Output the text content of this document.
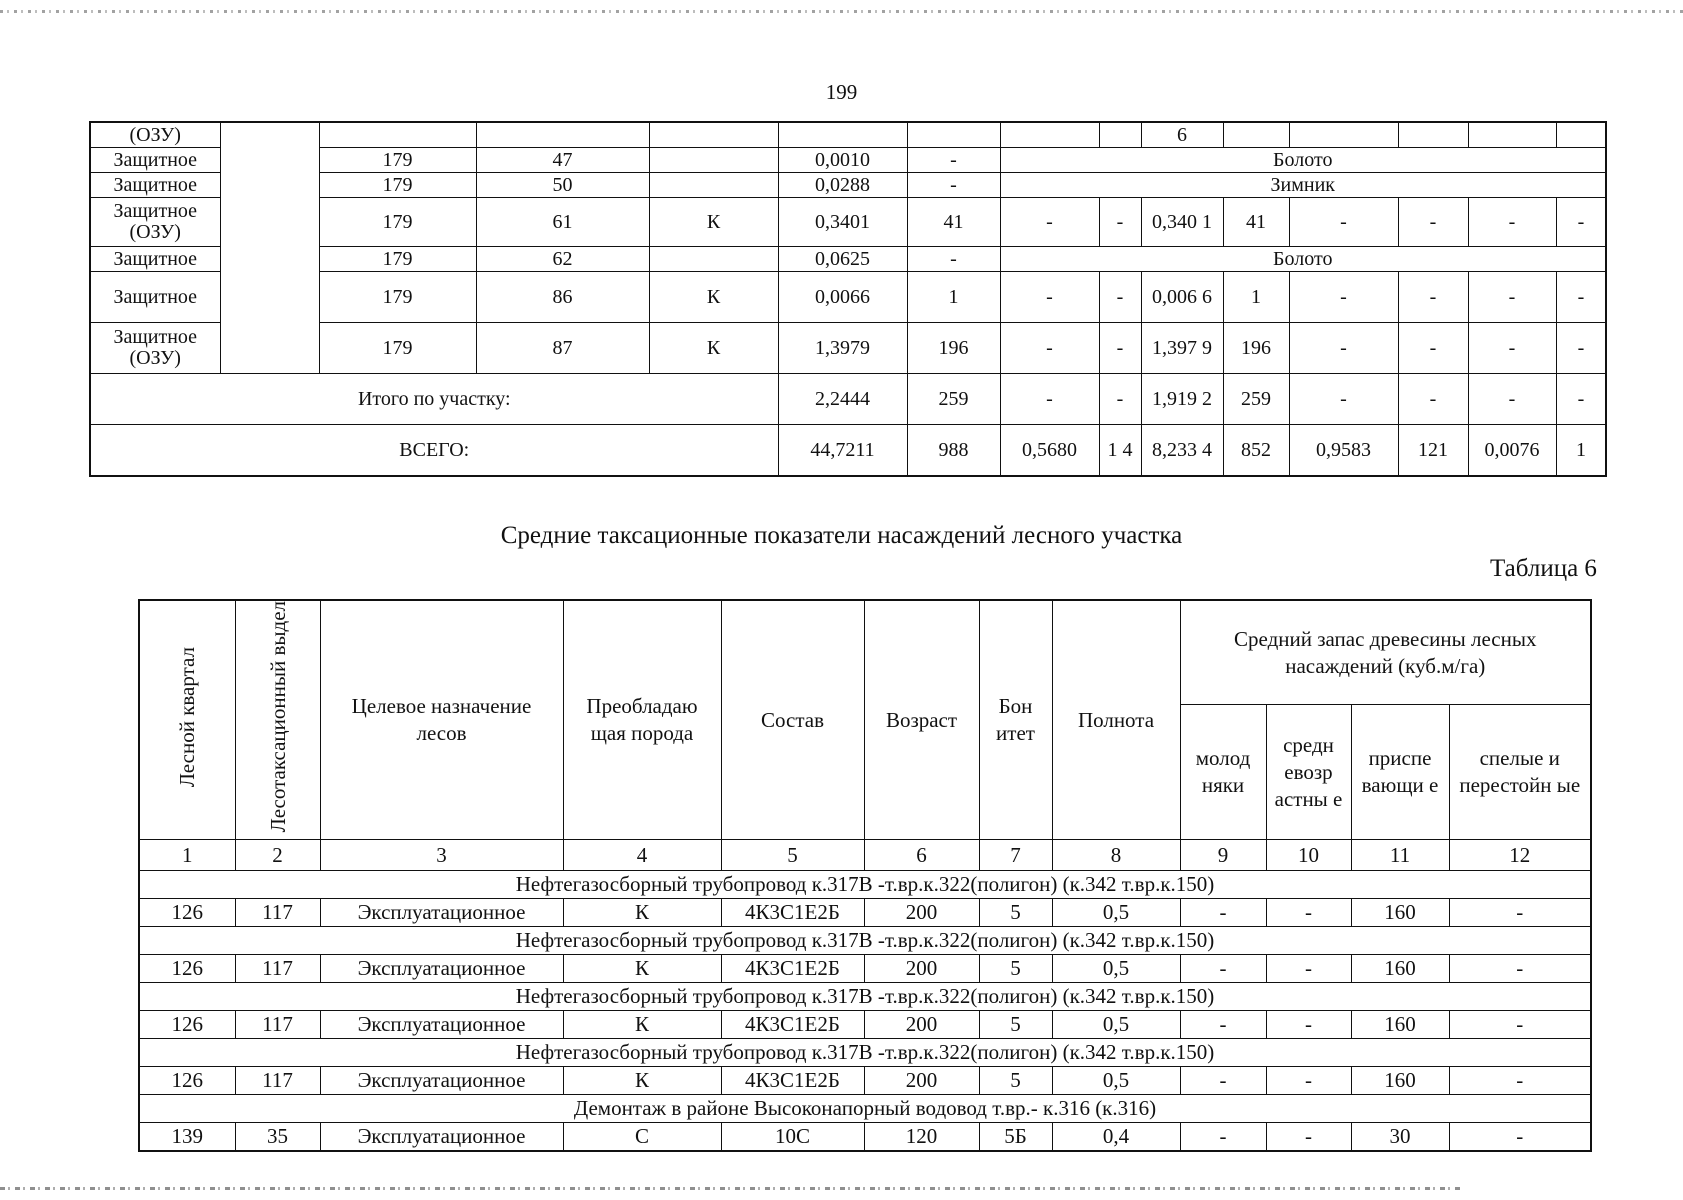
199
(ОЗУ)									6					
Защитное		179	47		0,0010	-	Болото							
Защитное		179	50		0,0288	-	Зимник							
Защитное (ОЗУ)		179	61	К	0,3401	41	-	-	0,340 1	41	-	-	-	-
Защитное		179	62		0,0625	-	Болото							
Защитное		179	86	К	0,0066	1	-	-	0,006 6	1	-	-	-	-
Защитное (ОЗУ)		179	87	К	1,3979	196	-	-	1,397 9	196	-	-	-	-
Итого по участку:					2,2444	259	-	-	1,919 2	259	-	-	-	-
ВСЕГО:					44,7211	988	0,5680	1 4	8,233 4	852	0,9583	121	0,0076	1
Средние таксационные показатели насаждений лесного участка
Таблица 6
Лесной квартал	Лесотаксационный выдел	Целевое назначение лесов	Преобладаю щая порода	Состав	Возраст	Бон итет	Полнота	Средний запас древесины лесных насаждений (куб.м/га)			
								молод няки	средн евозр астны е	приспе вающи е	спелые и перестойн ые
1	2	3	4	5	6	7	8	9	10	11	12
Нефтегазосборный трубопровод к.317В -т.вр.к.322(полигон) (к.342 т.вр.к.150)											
126	117	Эксплуатационное	К	4К3С1Е2Б	200	5	0,5	-	-	160	-
Нефтегазосборный трубопровод к.317В -т.вр.к.322(полигон) (к.342 т.вр.к.150)											
126	117	Эксплуатационное	К	4К3С1Е2Б	200	5	0,5	-	-	160	-
Нефтегазосборный трубопровод к.317В -т.вр.к.322(полигон) (к.342 т.вр.к.150)											
126	117	Эксплуатационное	К	4К3С1Е2Б	200	5	0,5	-	-	160	-
Нефтегазосборный трубопровод к.317В -т.вр.к.322(полигон) (к.342 т.вр.к.150)											
126	117	Эксплуатационное	К	4К3С1Е2Б	200	5	0,5	-	-	160	-
Демонтаж в районе Высоконапорный водовод т.вр.- к.316 (к.316)											
139	35	Эксплуатационное	С	10С	120	5Б	0,4	-	-	30	-
